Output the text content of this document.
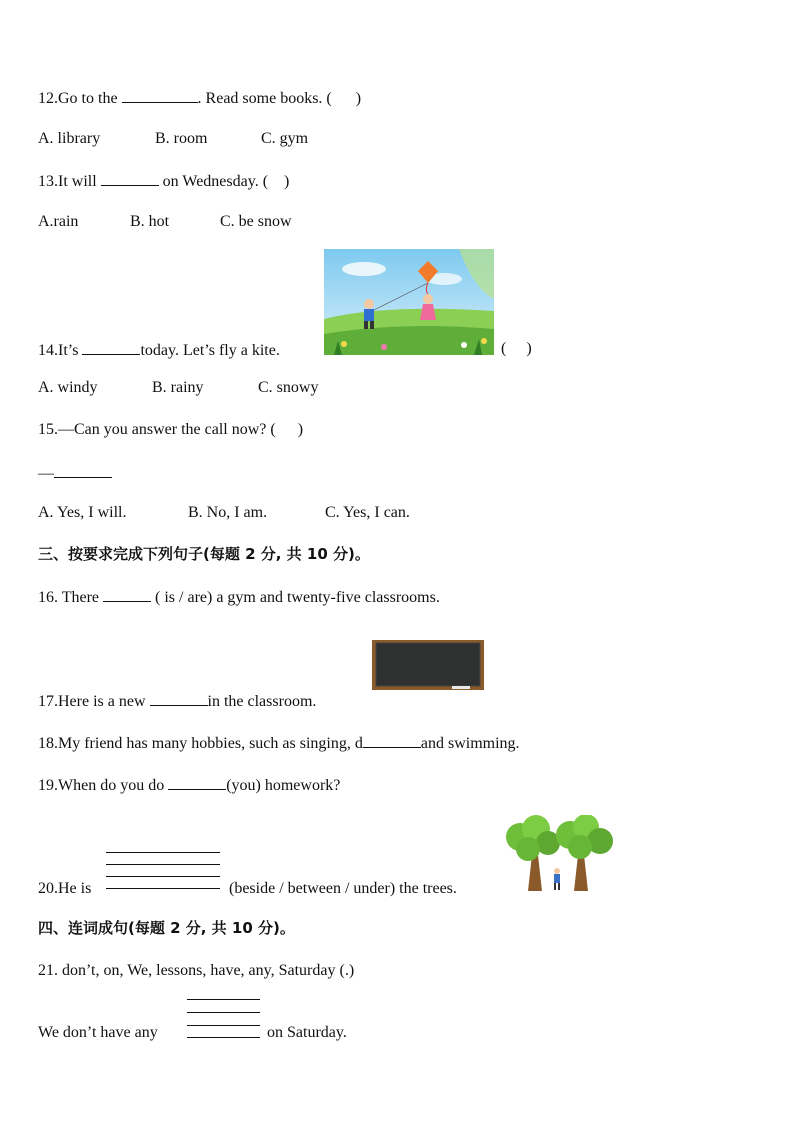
12.Go to the	. Read some books. ( )
A. library	B. room	C. gym
13.It will	on Wednesday. ( )
A.rain	B. hot	C. be snow
14.It’s	today. Let’s fly a kite.	( )
A. windy	B. rainy	C. snowy
15.—Can you answer the call now? ( )
—
A. Yes, I will.	B. No, I am.	C. Yes, I can.
三、按要求完成下列句子(每题 2 分, 共 10 分)。
16. There	( is / are) a gym and twenty-five classrooms.
17.Here is a new	in the classroom.
18.My friend has many hobbies, such as singing, d	and swimming.
19.When do you do	(you) homework?
20.He is	(beside / between / under) the trees.
四、连词成句(每题 2 分, 共 10 分)。
21. don’t, on, We, lessons, have, any, Saturday (.)
We don’t have any	on Saturday.
